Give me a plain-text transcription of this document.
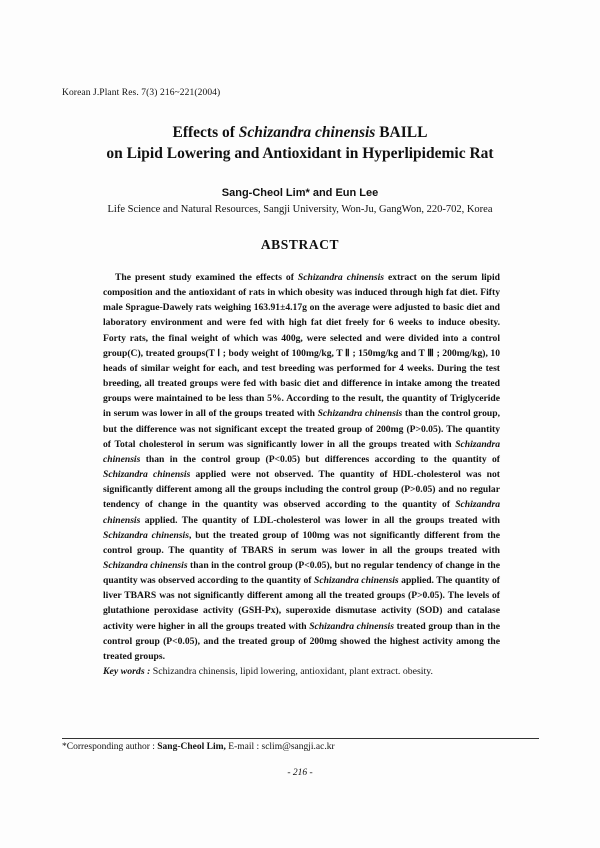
Korean J.Plant Res. 7(3) 216~221(2004)
Effects of Schizandra chinensis BAILL
on Lipid Lowering and Antioxidant in Hyperlipidemic Rat
Sang-Cheol Lim* and Eun Lee
Life Science and Natural Resources, Sangji University, Won-Ju, GangWon, 220-702, Korea
ABSTRACT

The present study examined the effects of Schizandra chinensis extract on the serum lipid composition and the antioxidant of rats in which obesity was induced through high fat diet. Fifty male Sprague-Dawely rats weighing 163.91±4.17g on the average were adjusted to basic diet and laboratory environment and were fed with high fat diet freely for 6 weeks to induce obesity. Forty rats, the final weight of which was 400g, were selected and were divided into a control group(C), treated groups(T Ⅰ ; body weight of 100mg/kg, T Ⅱ ; 150mg/kg and T Ⅲ ; 200mg/kg), 10 heads of similar weight for each, and test breeding was performed for 4 weeks. During the test breeding, all treated groups were fed with basic diet and difference in intake among the treated groups were maintained to be less than 5%. According to the result, the quantity of Triglyceride in serum was lower in all of the groups treated with Schizandra chinensis than the control group, but the difference was not significant except the treated group of 200mg (P>0.05). The quantity of Total cholesterol in serum was significantly lower in all the groups treated with Schizandra chinensis than in the control group (P<0.05) but differences according to the quantity of Schizandra chinensis applied were not observed. The quantity of HDL-cholesterol was not significantly different among all the groups including the control group (P>0.05) and no regular tendency of change in the quantity was observed according to the quantity of Schizandra chinensis applied. The quantity of LDL-cholesterol was lower in all the groups treated with Schizandra chinensis, but the treated group of 100mg was not significantly different from the control group. The quantity of TBARS in serum was lower in all the groups treated with Schizandra chinensis than in the control group (P<0.05), but no regular tendency of change in the quantity was observed according to the quantity of Schizandra chinensis applied. The quantity of liver TBARS was not significantly different among all the treated groups (P>0.05). The levels of glutathione peroxidase activity (GSH-Px), superoxide dismutase activity (SOD) and catalase activity were higher in all the groups treated with Schizandra chinensis treated group than in the control group (P<0.05), and the treated group of 200mg showed the highest activity among the treated groups.

Key words : Schizandra chinensis, lipid lowering, antioxidant, plant extract. obesity.
*Corresponding author : Sang-Cheol Lim, E-mail : sclim@sangji.ac.kr
- 216 -
